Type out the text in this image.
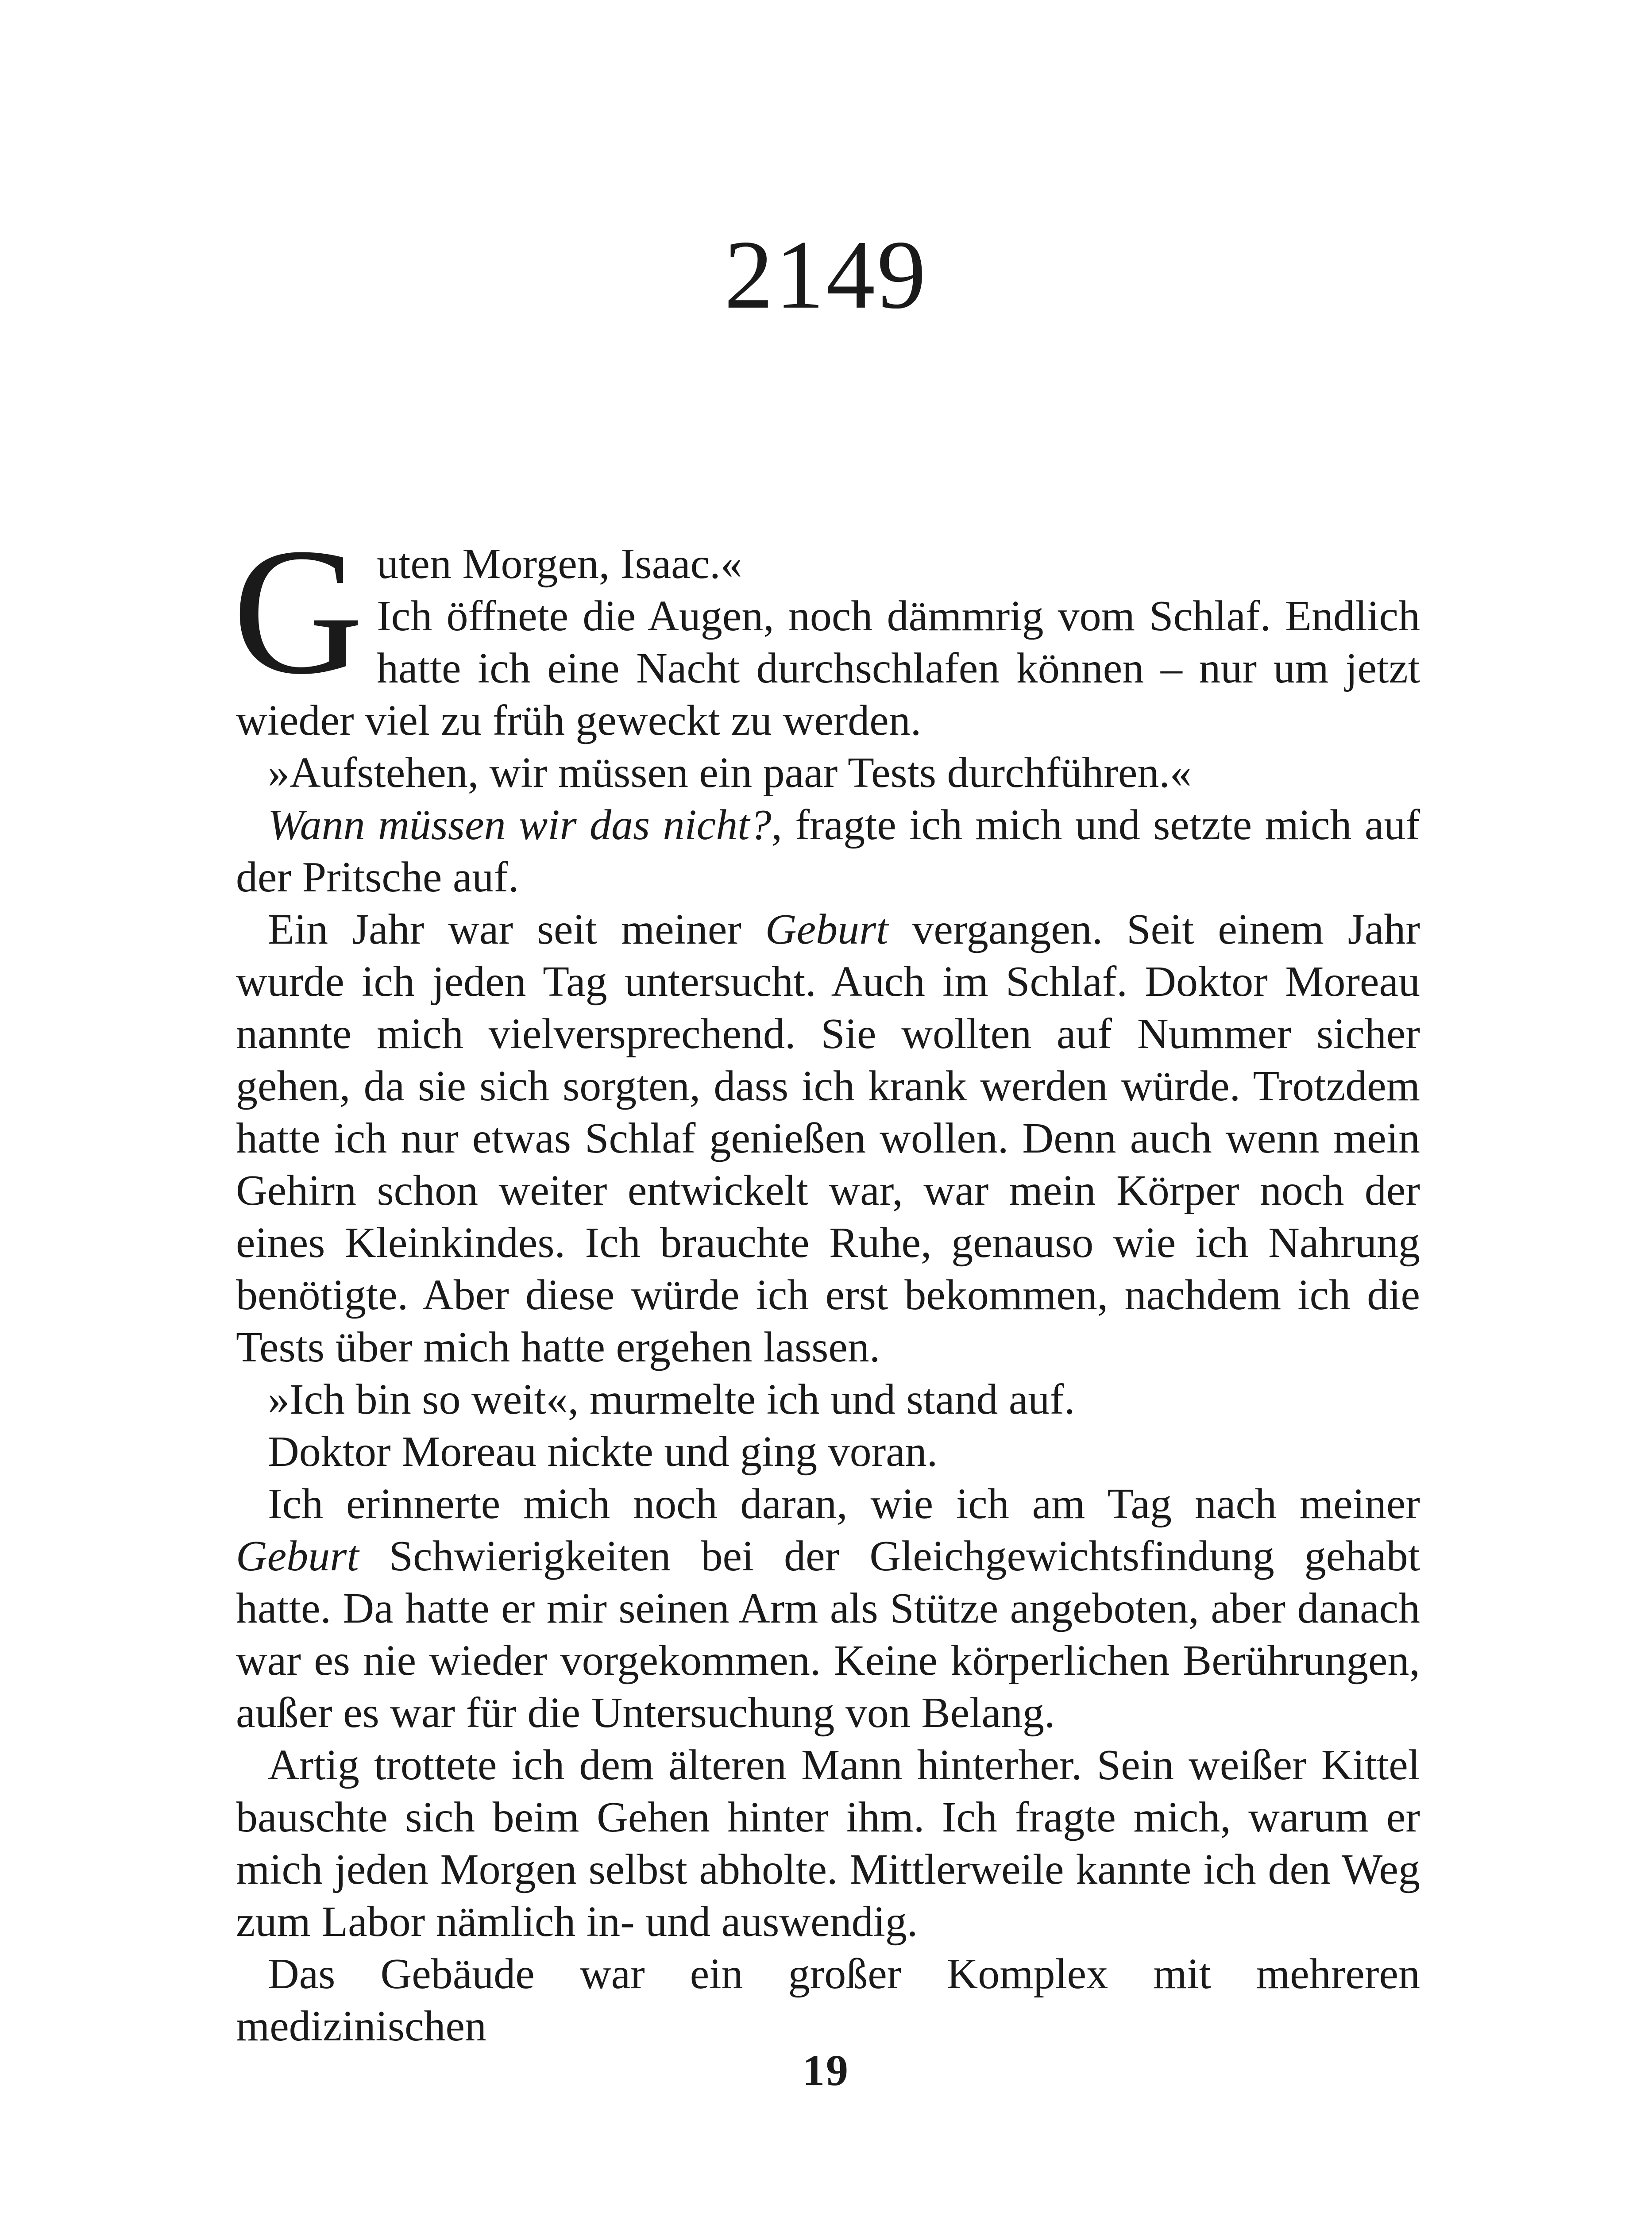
2149

Guten Morgen, Isaac.«
Ich öffnete die Augen, noch dämmrig vom Schlaf. Endlich hatte ich eine Nacht durchschlafen können – nur um jetzt wieder viel zu früh geweckt zu werden.

»Aufstehen, wir müssen ein paar Tests durchführen.«

Wann müssen wir das nicht?, fragte ich mich und setzte mich auf der Pritsche auf.

Ein Jahr war seit meiner Geburt vergangen. Seit einem Jahr wurde ich jeden Tag untersucht. Auch im Schlaf. Doktor Moreau nannte mich vielversprechend. Sie wollten auf Nummer sicher gehen, da sie sich sorgten, dass ich krank werden würde. Trotzdem hatte ich nur etwas Schlaf genießen wollen. Denn auch wenn mein Gehirn schon weiter entwickelt war, war mein Körper noch der eines Kleinkindes. Ich brauchte Ruhe, genauso wie ich Nahrung benötigte. Aber diese würde ich erst bekommen, nachdem ich die Tests über mich hatte ergehen lassen.

»Ich bin so weit«, murmelte ich und stand auf.

Doktor Moreau nickte und ging voran.

Ich erinnerte mich noch daran, wie ich am Tag nach meiner Geburt Schwierigkeiten bei der Gleichgewichtsfindung gehabt hatte. Da hatte er mir seinen Arm als Stütze angeboten, aber danach war es nie wieder vorgekommen. Keine körperlichen Berührungen, außer es war für die Untersuchung von Belang.

Artig trottete ich dem älteren Mann hinterher. Sein weißer Kittel bauschte sich beim Gehen hinter ihm. Ich fragte mich, warum er mich jeden Morgen selbst abholte. Mittlerweile kannte ich den Weg zum Labor nämlich in- und auswendig.

Das Gebäude war ein großer Komplex mit mehreren medizinischen

19
